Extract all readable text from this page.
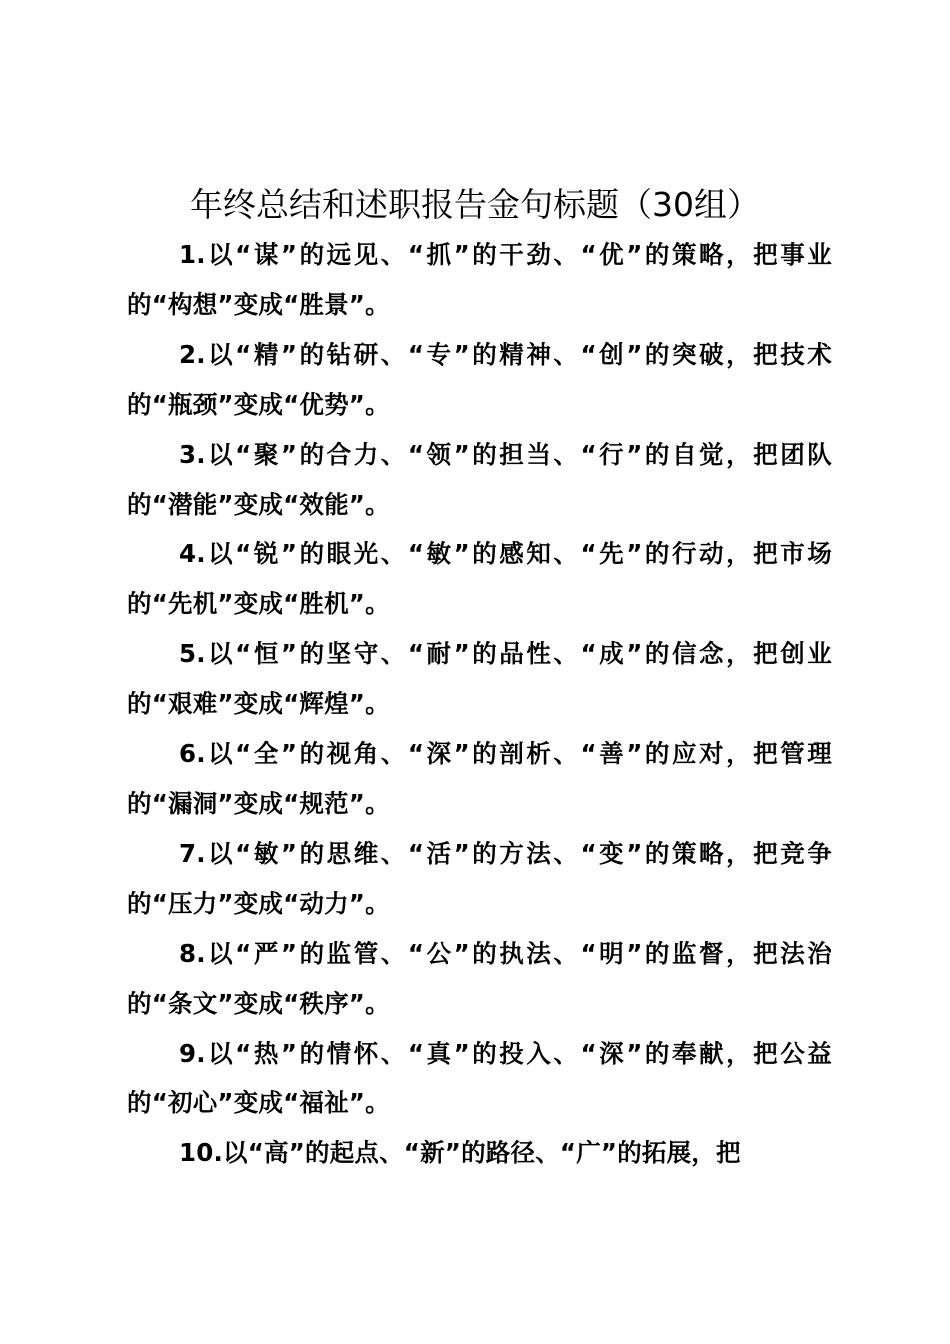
年终总结和述职报告金句标题（30组）

1.以“谋”的远见、“抓”的干劲、“优”的策略，把事业的“构想”变成“胜景”。

2.以“精”的钻研、“专”的精神、“创”的突破，把技术的“瓶颈”变成“优势”。

3.以“聚”的合力、“领”的担当、“行”的自觉，把团队的“潜能”变成“效能”。

4.以“锐”的眼光、“敏”的感知、“先”的行动，把市场的“先机”变成“胜机”。

5.以“恒”的坚守、“耐”的品性、“成”的信念，把创业的“艰难”变成“辉煌”。

6.以“全”的视角、“深”的剖析、“善”的应对，把管理的“漏洞”变成“规范”。

7.以“敏”的思维、“活”的方法、“变”的策略，把竞争的“压力”变成“动力”。

8.以“严”的监管、“公”的执法、“明”的监督，把法治的“条文”变成“秩序”。

9.以“热”的情怀、“真”的投入、“深”的奉献，把公益的“初心”变成“福祉”。

10.以“高”的起点、“新”的路径、“广”的拓展，把
